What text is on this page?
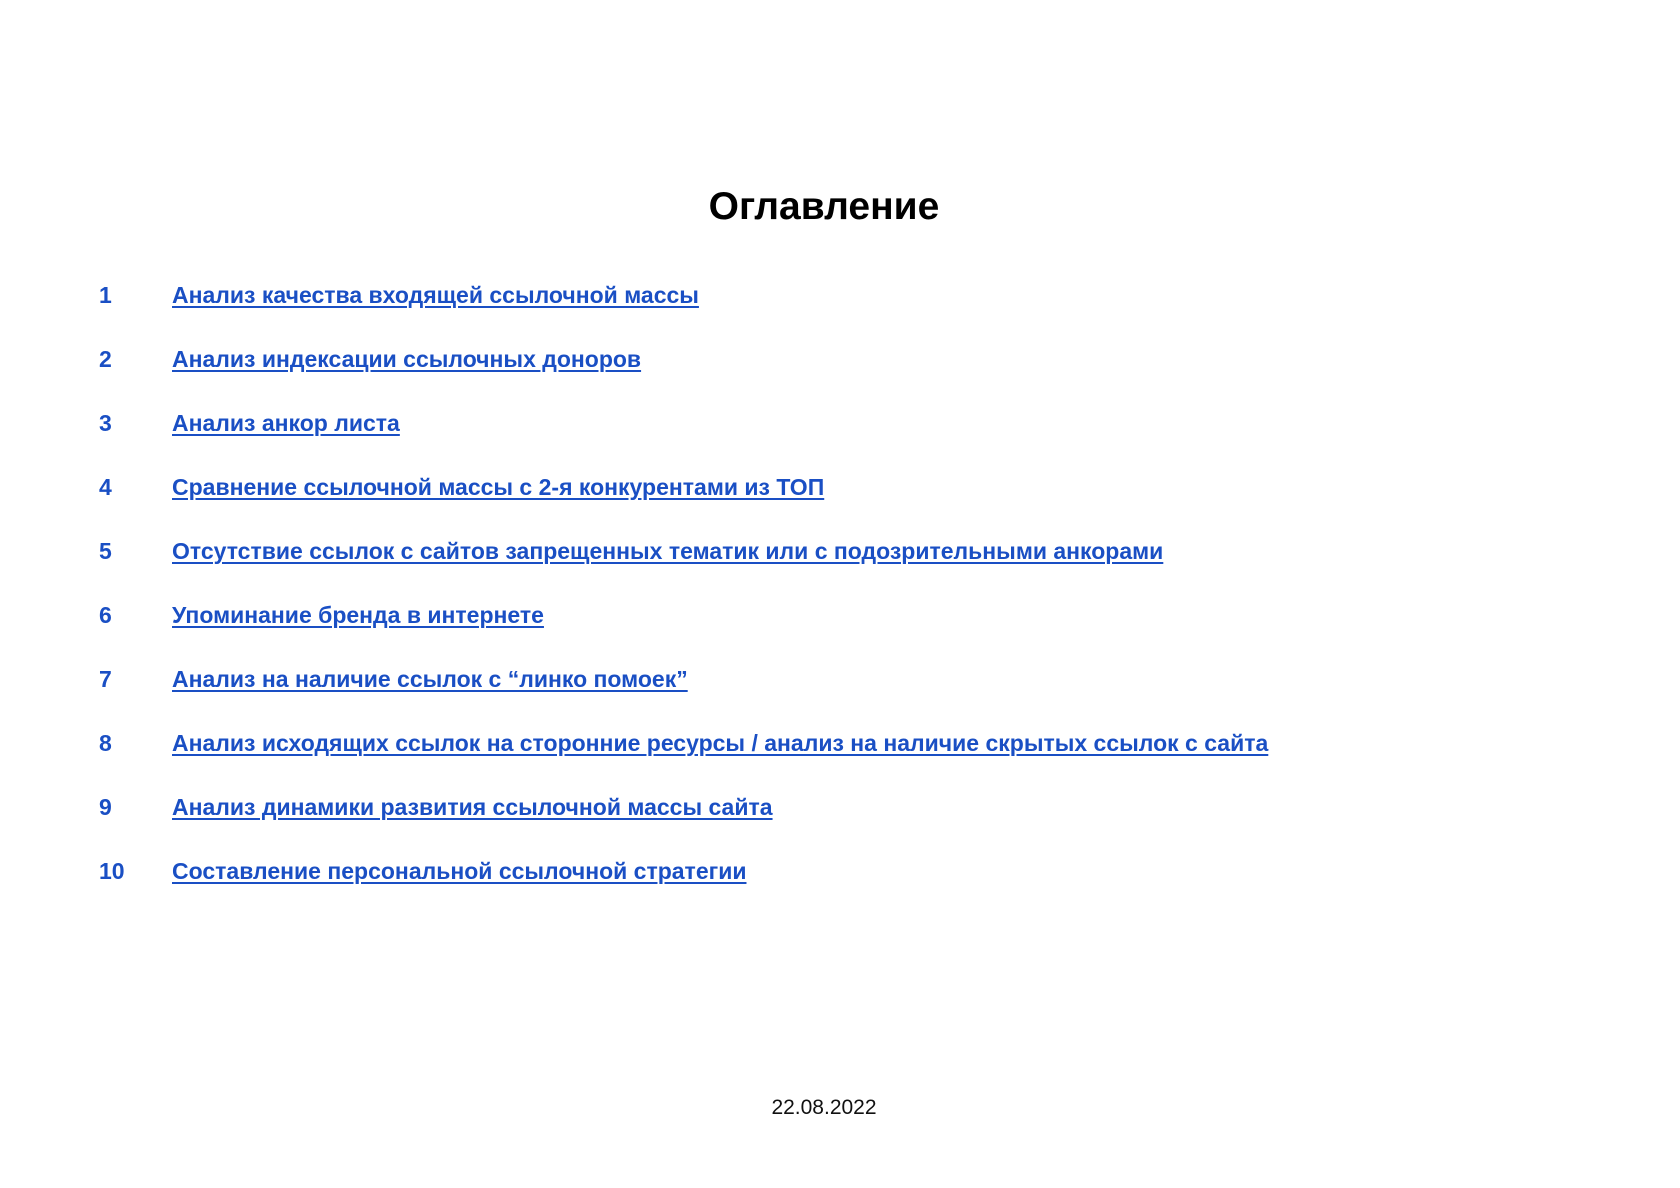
Оглавление
1	Анализ качества входящей ссылочной массы
2	Анализ индексации ссылочных доноров
3	Анализ анкор листа
4	Сравнение ссылочной массы с 2-я конкурентами из ТОП
5	Отсутствие ссылок с сайтов запрещенных тематик или с подозрительными анкорами
6	Упоминание бренда в интернете
7	Анализ на наличие ссылок с “линко помоек”
8	Анализ исходящих ссылок на сторонние ресурсы / анализ на наличие скрытых ссылок с сайта
9	Анализ динамики развития ссылочной массы сайта
10 Составление персональной ссылочной стратегии
22.08.2022
